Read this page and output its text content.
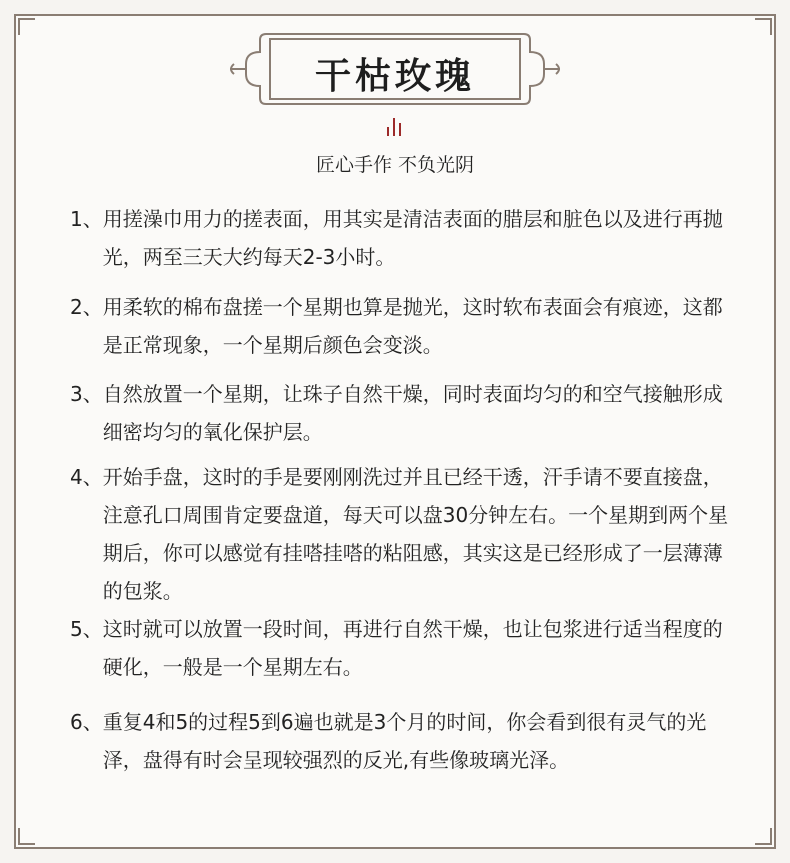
干枯玫瑰
匠心手作 不负光阴
1、 用搓澡巾用力的搓表面，用其实是清洁表面的腊层和脏色以及进行再抛光，两至三天大约每天2-3小时。
2、 用柔软的棉布盘搓一个星期也算是抛光，这时软布表面会有痕迹，这都是正常现象，一个星期后颜色会变淡。
3、 自然放置一个星期，让珠子自然干燥，同时表面均匀的和空气接触形成细密均匀的氧化保护层。
4、 开始手盘，这时的手是要刚刚洗过并且已经干透，汗手请不要直接盘，注意孔口周围肯定要盘道，每天可以盘30分钟左右。一个星期到两个星期后，你可以感觉有挂嗒挂嗒的粘阻感，其实这是已经形成了一层薄薄的包浆。
5、 这时就可以放置一段时间，再进行自然干燥，也让包浆进行适当程度的硬化，一般是一个星期左右。
6、 重复4和5的过程5到6遍也就是3个月的时间，你会看到很有灵气的光泽，盘得有时会呈现较强烈的反光,有些像玻璃光泽。
